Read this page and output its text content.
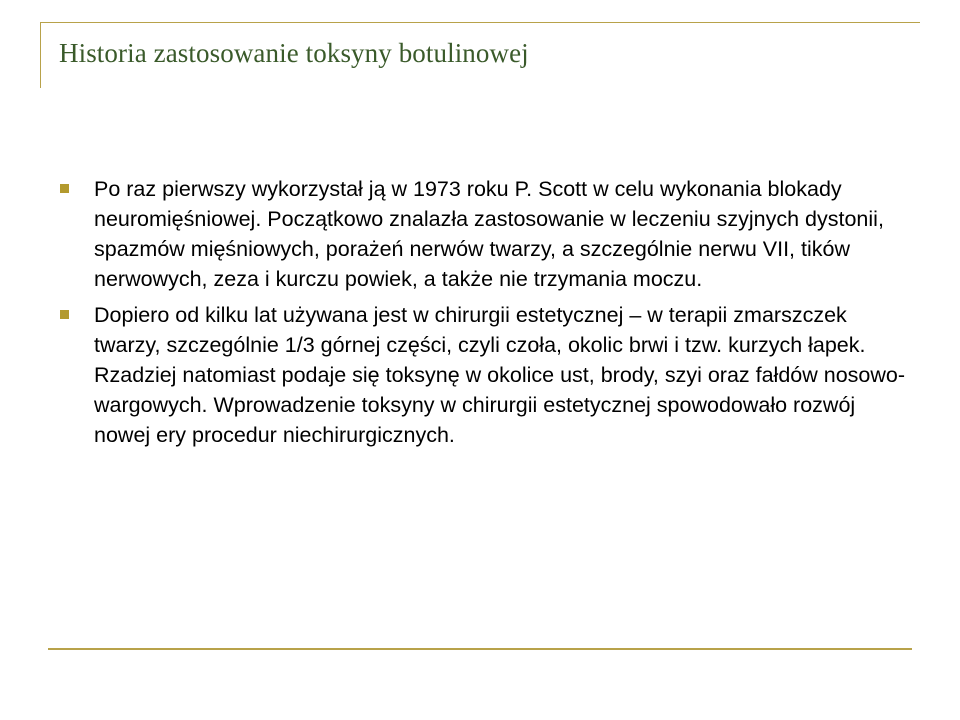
Historia zastosowanie toksyny botulinowej
Po raz pierwszy wykorzystał ją w 1973 roku P. Scott w celu wykonania blokady neuromięśniowej. Początkowo znalazła zastosowanie w leczeniu szyjnych dystonii, spazmów mięśniowych, porażeń nerwów twarzy, a szczególnie nerwu VII, tików nerwowych, zeza i kurczu powiek, a także nie trzymania moczu.
Dopiero od kilku lat używana jest w chirurgii estetycznej – w terapii zmarszczek twarzy, szczególnie 1/3 górnej części, czyli czoła, okolic brwi i tzw. kurzych łapek. Rzadziej natomiast podaje się toksynę w okolice ust, brody, szyi oraz fałdów nosowo-wargowych. Wprowadzenie toksyny w chirurgii estetycznej spowodowało rozwój nowej ery procedur niechirurgicznych.
